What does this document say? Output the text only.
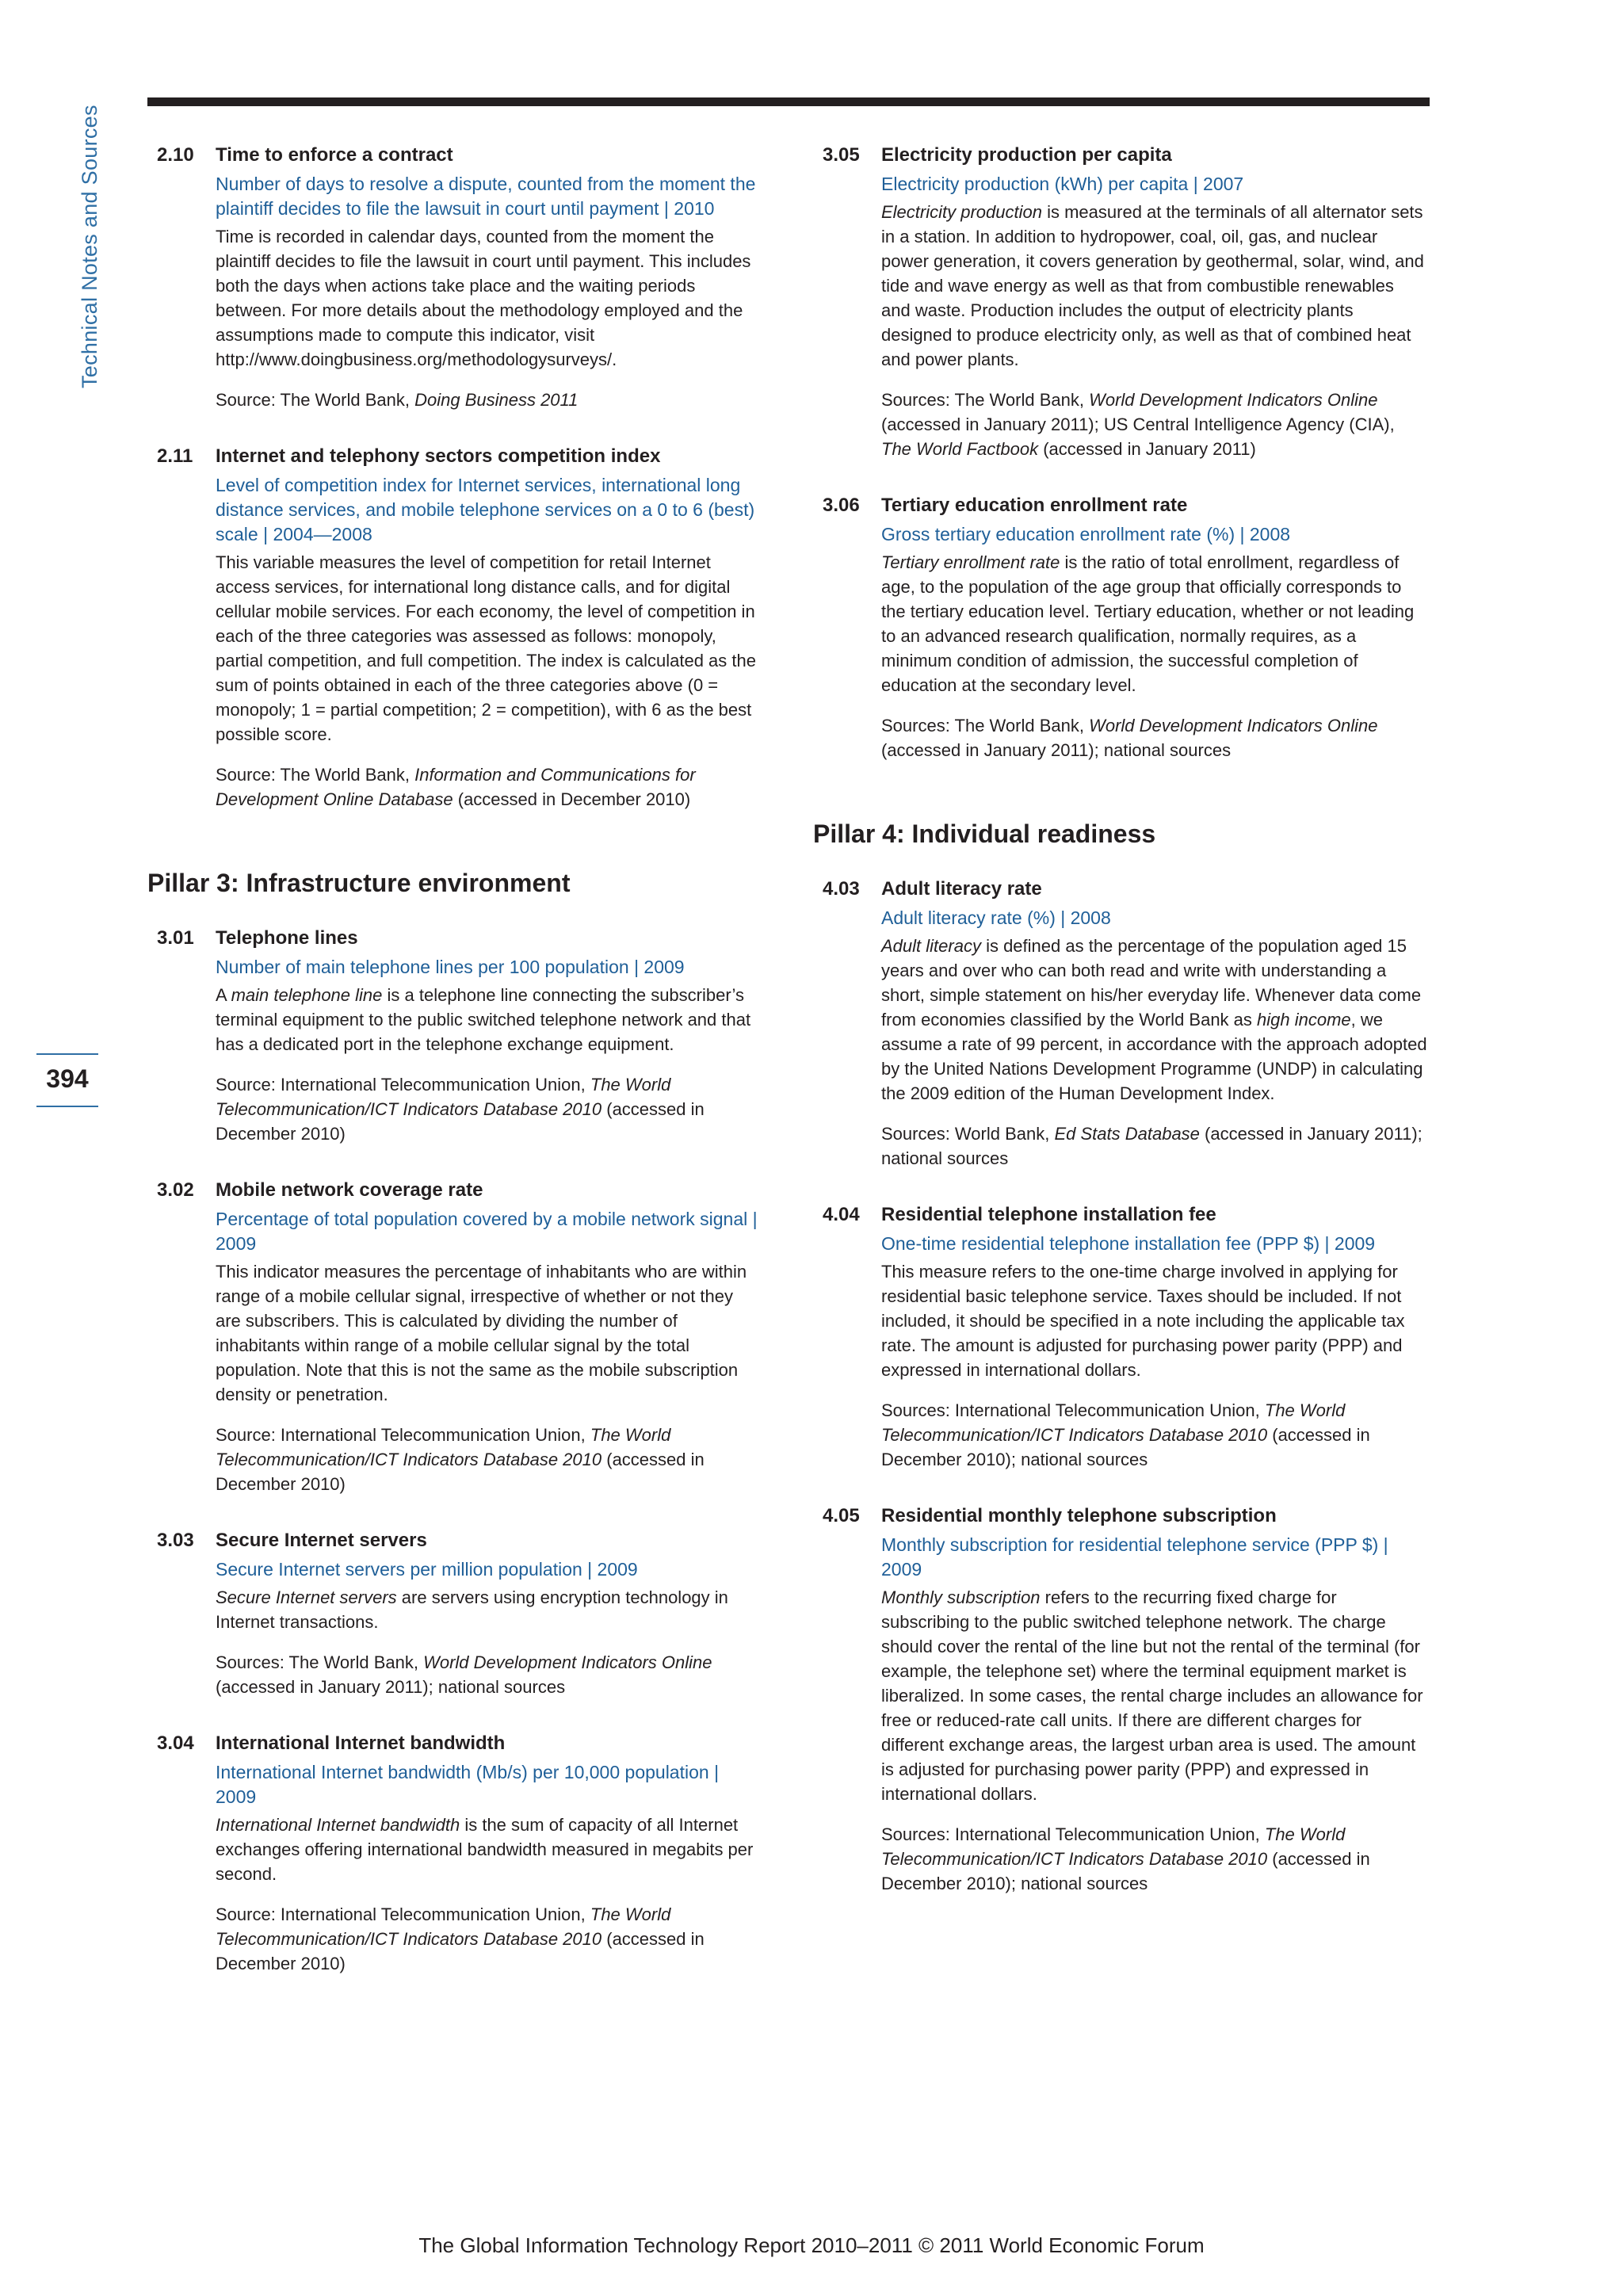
Technical Notes and Sources
394
2.10 Time to enforce a contract
Number of days to resolve a dispute, counted from the moment the plaintiff decides to file the lawsuit in court until payment | 2010
Time is recorded in calendar days, counted from the moment the plaintiff decides to file the lawsuit in court until payment. This includes both the days when actions take place and the waiting periods between. For more details about the methodology employed and the assumptions made to compute this indicator, visit http://www.doingbusiness.org/methodologysurveys/.
Source: The World Bank, Doing Business 2011
2.11 Internet and telephony sectors competition index
Level of competition index for Internet services, international long distance services, and mobile telephone services on a 0 to 6 (best) scale | 2004—2008
This variable measures the level of competition for retail Internet access services, for international long distance calls, and for digital cellular mobile services. For each economy, the level of competition in each of the three categories was assessed as follows: monopoly, partial competition, and full competition. The index is calculated as the sum of points obtained in each of the three categories above (0 = monopoly; 1 = partial competition; 2 = competition), with 6 as the best possible score.
Source: The World Bank, Information and Communications for Development Online Database (accessed in December 2010)
Pillar 3: Infrastructure environment
3.01 Telephone lines
Number of main telephone lines per 100 population | 2009
A main telephone line is a telephone line connecting the subscriber’s terminal equipment to the public switched telephone network and that has a dedicated port in the telephone exchange equipment.
Source: International Telecommunication Union, The World Telecommunication/ICT Indicators Database 2010 (accessed in December 2010)
3.02 Mobile network coverage rate
Percentage of total population covered by a mobile network signal | 2009
This indicator measures the percentage of inhabitants who are within range of a mobile cellular signal, irrespective of whether or not they are subscribers. This is calculated by dividing the number of inhabitants within range of a mobile cellular signal by the total population. Note that this is not the same as the mobile subscription density or penetration.
Source: International Telecommunication Union, The World Telecommunication/ICT Indicators Database 2010 (accessed in December 2010)
3.03 Secure Internet servers
Secure Internet servers per million population | 2009
Secure Internet servers are servers using encryption technology in Internet transactions.
Sources: The World Bank, World Development Indicators Online (accessed in January 2011); national sources
3.04 International Internet bandwidth
International Internet bandwidth (Mb/s) per 10,000 population | 2009
International Internet bandwidth is the sum of capacity of all Internet exchanges offering international bandwidth measured in megabits per second.
Source: International Telecommunication Union, The World Telecommunication/ICT Indicators Database 2010 (accessed in December 2010)
3.05 Electricity production per capita
Electricity production (kWh) per capita | 2007
Electricity production is measured at the terminals of all alternator sets in a station. In addition to hydropower, coal, oil, gas, and nuclear power generation, it covers generation by geothermal, solar, wind, and tide and wave energy as well as that from combustible renewables and waste. Production includes the output of electricity plants designed to produce electricity only, as well as that of combined heat and power plants.
Sources: The World Bank, World Development Indicators Online (accessed in January 2011); US Central Intelligence Agency (CIA), The World Factbook (accessed in January 2011)
3.06 Tertiary education enrollment rate
Gross tertiary education enrollment rate (%) | 2008
Tertiary enrollment rate is the ratio of total enrollment, regardless of age, to the population of the age group that officially corresponds to the tertiary education level. Tertiary education, whether or not leading to an advanced research qualification, normally requires, as a minimum condition of admission, the successful completion of education at the secondary level.
Sources: The World Bank, World Development Indicators Online (accessed in January 2011); national sources
Pillar 4: Individual readiness
4.03 Adult literacy rate
Adult literacy rate (%) | 2008
Adult literacy is defined as the percentage of the population aged 15 years and over who can both read and write with understanding a short, simple statement on his/her everyday life. Whenever data come from economies classified by the World Bank as high income, we assume a rate of 99 percent, in accordance with the approach adopted by the United Nations Development Programme (UNDP) in calculating the 2009 edition of the Human Development Index.
Sources: World Bank, Ed Stats Database (accessed in January 2011); national sources
4.04 Residential telephone installation fee
One-time residential telephone installation fee (PPP $) | 2009
This measure refers to the one-time charge involved in applying for residential basic telephone service. Taxes should be included. If not included, it should be specified in a note including the applicable tax rate. The amount is adjusted for purchasing power parity (PPP) and expressed in international dollars.
Sources: International Telecommunication Union, The World Telecommunication/ICT Indicators Database 2010 (accessed in December 2010); national sources
4.05 Residential monthly telephone subscription
Monthly subscription for residential telephone service (PPP $) | 2009
Monthly subscription refers to the recurring fixed charge for subscribing to the public switched telephone network. The charge should cover the rental of the line but not the rental of the terminal (for example, the telephone set) where the terminal equipment market is liberalized. In some cases, the rental charge includes an allowance for free or reduced-rate call units. If there are different charges for different exchange areas, the largest urban area is used. The amount is adjusted for purchasing power parity (PPP) and expressed in international dollars.
Sources: International Telecommunication Union, The World Telecommunication/ICT Indicators Database 2010 (accessed in December 2010); national sources
The Global Information Technology Report 2010–2011 © 2011 World Economic Forum
